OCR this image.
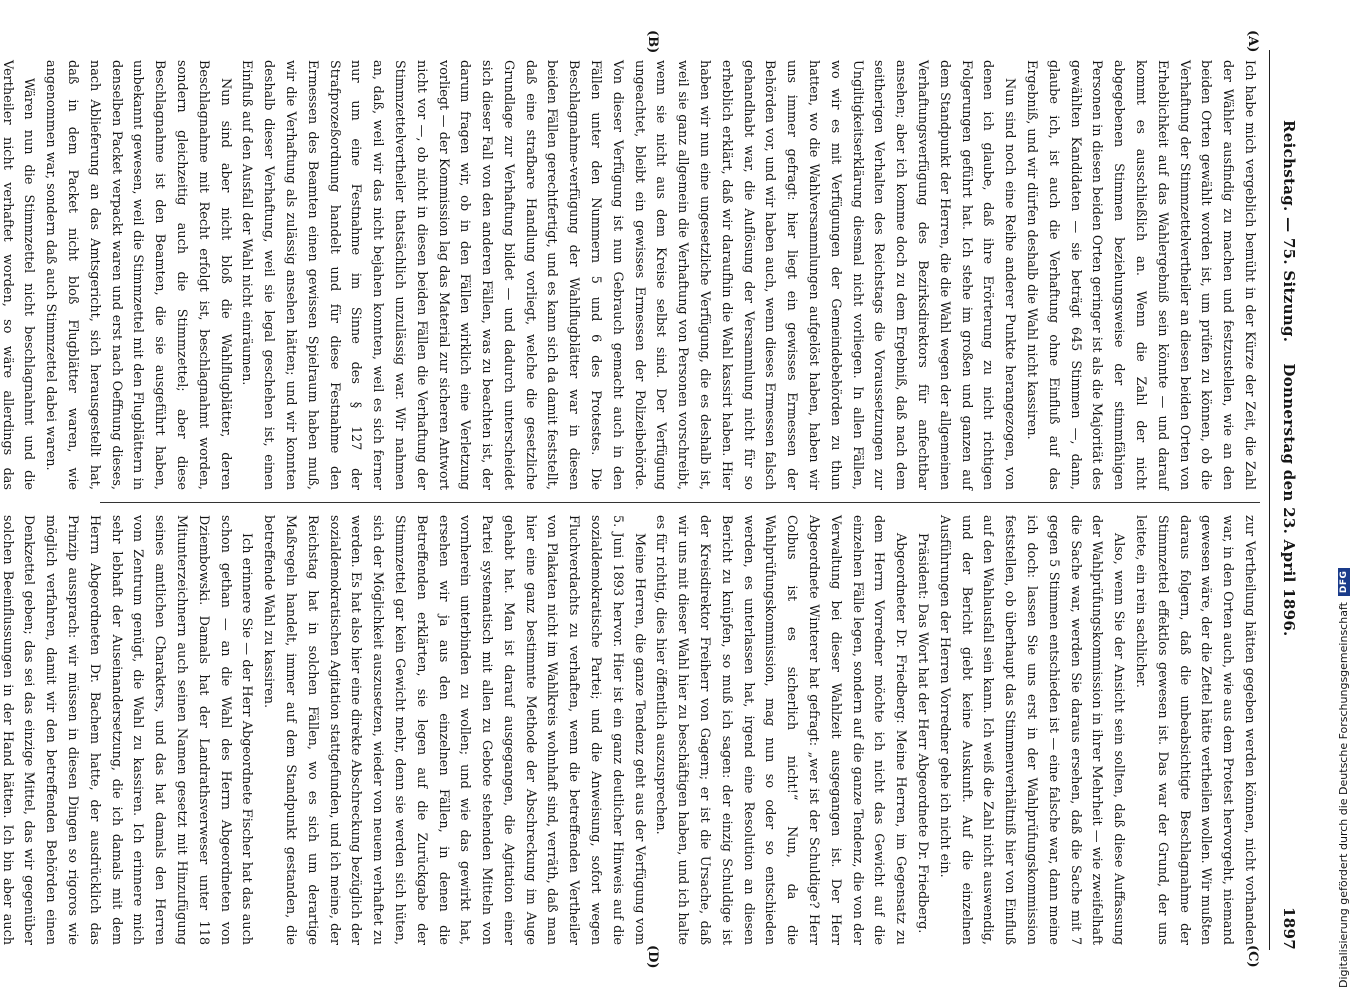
Reichstag. — 75. Sitzung.
Donnerstag den 23. April 1896.
1897
(A)
(B)
(C)
(D)

Ich habe mich vergeblich bemüht in der Kürze der Zeit, die Zahl der Wähler ausfindig zu machen und festzustellen, wie an den beiden Orten gewählt worden ist, um prüfen zu können, ob die Verhaftung der Stimmzettelvertheiler an diesen beiden Orten von Erheblichkeit auf das Wahlergebniß sein könnte — und darauf kommt es ausschließlich an. Wenn die Zahl der nicht abgegebenen Stimmen beziehungsweise der stimmfähigen Personen in diesen beiden Orten geringer ist als die Majorität des gewählten Kandidaten — sie beträgt 645 Stimmen —, dann, glaube ich, ist auch die Verhaftung ohne Einfluß auf das Ergebniß, und wir dürfen deshalb die Wahl nicht kassiren.

Nun sind noch eine Reihe anderer Punkte herangezogen, von denen ich glaube, daß ihre Erörterung zu nicht richtigen Folgerungen geführt hat. Ich stehe im großen und ganzen auf dem Standpunkt der Herren, die die Wahl wegen der allgemeinen Verhaftungsverfügung des Bezirksdirektors für anfechtbar ansehen; aber ich komme doch zu dem Ergebniß, daß nach dem seitherigen Verhalten des Reichstags die Voraussetzungen zur Ungiltigkeitserklärung diesmal nicht vorliegen. In allen Fällen, wo wir es mit Verfügungen der Gemeindebehörden zu thun hatten, wo die Wahlversammlungen aufgelöst haben, haben wir uns immer gefragt: hier liegt ein gewisses Ermessen der Behörden vor, und wir haben auch, wenn dieses Ermessen falsch gehandhabt war, die Auflösung der Versammlung nicht für so erheblich erklärt, daß wir daraufhin die Wahl kassirt haben. Hier haben wir nun eine ungesetzliche Verfügung, die es deshalb ist, weil sie ganz allgemein die Verhaftung von Personen vorschreibt, wenn sie nicht aus dem Kreise selbst sind. Der Verfügung ungeachtet, bleibt ein gewisses Ermessen der Polizeibehörde. Von dieser Verfügung ist nun Gebrauch gemacht auch in den Fällen unter den Nummern 5 und 6 des Protestes. Die Beschlagnahme-verfügung der Wahlflugblätter war in diesen beiden Fällen gerechtfertigt, und es kann sich da damit feststellt, daß eine strafbare Handlung vorliegt, welche die gesetzliche Grundlage zur Verhaftung bildet — und dadurch unterscheidet sich dieser Fall von den anderen Fällen, was zu beachten ist, der darum fragen wir, ob in den Fällen wirklich eine Verletzung vorliegt — der Kommission lag das Material zur sicheren Antwort nicht vor —, ob nicht in diesen beiden Fällen die Verhaftung der Stimmzettelvertheiler thatsächlich unzulässig war. Wir nahmen an, daß, weil wir das nicht bejahen konnten, weil es sich ferner nur um eine Festnahme im Sinne des § 127 der Strafprozeßordnung handelt und für diese Festnahme den Ermessen des Beamten einen gewissen Spielraum haben muß, wir die Verhaftung als zulässig ansehen hätten; und wir konnten deshalb dieser Verhaftung, weil sie legal geschehen ist, einen Einfluß auf den Ausfall der Wahl nicht einräumen.

Nun sind aber nicht bloß die Wahlflugblätter, deren Beschlagnahme mit Recht erfolgt ist, beschlagnahmt worden, sondern gleichzeitig auch die Stimmzettel; aber diese Beschlagnahme ist den Beamten, die sie ausgeführt haben, unbekannt gewesen, weil die Stimmzettel mit den Flugblättern in denselben Packet verpackt waren und erst nach Oeffnung dieses, nach Ablieferung an das Amtsgericht, sich herausgestellt hat, daß in dem Packet nicht bloß Flugblätter waren, wie angenommen war, sondern daß auch Stimmzettel dabei waren.

Wären nun die Stimmzettel nicht beschlagnahmt und die Vertheiler nicht verhaftet worden, so wäre allerdings das

zur Vertheilung hätten gegeben werden können, nicht vorhanden war, in den Orten auch, wie aus dem Protest hervorgeht, niemand gewesen wäre, der die Zettel hätte vertheilen wollen. Wir mußten daraus folgern, daß die unbeabsichtigte Beschlagnahme der Stimmzettel effektlos gewesen ist. Das war der Grund, der uns leitete, ein rein sachlicher.

Also, wenn Sie der Ansicht sein sollten, daß diese Auffassung der Wahlprüfungskommission in ihrer Mehrheit — wie zweifelhaft die Sache war, werden Sie daraus ersehen, daß die Sache mit 7 gegen 5 Stimmen entschieden ist — eine falsche war, dann meine ich doch: lassen Sie uns erst in der Wahlprüfungskommission feststellen, ob überhaupt das Stimmenverhältniß hier von Einfluß auf den Wahlausfall sein kann. Ich weiß die Zahl nicht auswendig, und der Bericht giebt keine Auskunft. Auf die einzelnen Ausführungen der Herren Vorredner gehe ich nicht ein.

Präsident: Das Wort hat der Herr Abgeordnete Dr. Friedberg.

Abgeordneter Dr. Friedberg: Meine Herren, im Gegensatz zu dem Herrn Vorredner möchte ich nicht das Gewicht auf die einzelnen Fälle legen, sondern auf die ganze Tendenz, die von der Verwaltung bei dieser Wahlzeit ausgegangen ist. Der Herr Abgeordnete Winterer hat gefragt: „wer ist der Schuldige? Herr Colbus ist es sicherlich nicht!“ Nun, da die Wahlprüfungskommission, mag nun so oder so entschieden werden, es unterlassen hat, irgend eine Resolution an diesen Bericht zu knüpfen, so muß ich sagen: der einzig Schuldige ist der Kreisdirektor Freiherr von Gagern; er ist die Ursache, daß wir uns mit dieser Wahl hier zu beschäftigen haben, und ich halte es für richtig, dies hier öffentlich auszusprechen.

Meine Herren, die ganze Tendenz geht aus der Verfügung vom 5. Juni 1893 hervor. Hier ist ein ganz deutlicher Hinweis auf die sozialdemokratische Partei; und die Anweisung, sofort wegen Fluchverdachts zu verhaften, wenn die betreffenden Vertheiler von Plakaten nicht im Wahlkreis wohnhaft sind, verräth, daß man hier eine ganz bestimmte Methode der Abschreckung im Auge gehabt hat. Man ist darauf ausgegangen, die Agitation einer Partei systematisch mit allen zu Gebote stehenden Mitteln von vornherein unterbinden zu wollen; und wie das gewirkt hat, ersehen wir ja aus den einzelnen Fällen, in denen die Betreffenden erklärten, sie legen auf die Zurückgabe der Stimmzettel gar kein Gewicht mehr, denn sie werden sich hüten, sich der Möglichkeit auszusetzen, wieder von neuem verhaftet zu werden. Es hat also hier eine direkte Abschreckung bezüglich der sozialdemokratischen Agitation stattgefunden, und ich meine, der Reichstag hat in solchen Fällen, wo es sich um derartige Maßregeln handelt, immer auf dem Standpunkt gestanden, die betreffende Wahl zu kassiren.

Ich erinnere Sie — der Herr Abgeordnete Fischer hat das auch schon gethan — an die Wahl des Herrn Abgeordneten von Dziembowski. Damals hat der Landrathsverweser unter 118 Mitunterzeichnern auch seinen Namen gesetzt mit Hinzufügung seines amtlichen Charakters, und das hat damals den Herren vom Zentrum genügt, die Wahl zu kassiren. Ich erinnere mich sehr lebhaft der Auseinandersetzung, die ich damals mit dem Herrn Abgeordneten Dr. Bachem hatte, der ausdrücklich das Prinzip aussprach: wir müssen in diesen Dingen so rigoros wie möglich verfahren, damit wir den betreffenden Behörden einen Denkzettel geben; das sei das einzige Mittel, das wir gegenüber solchen Beeinflussungen in der Hand hätten. Ich bin aber auch	Digitalisierung gefördert durch die Deutsche Forschungsgemeinschaft
DFG
